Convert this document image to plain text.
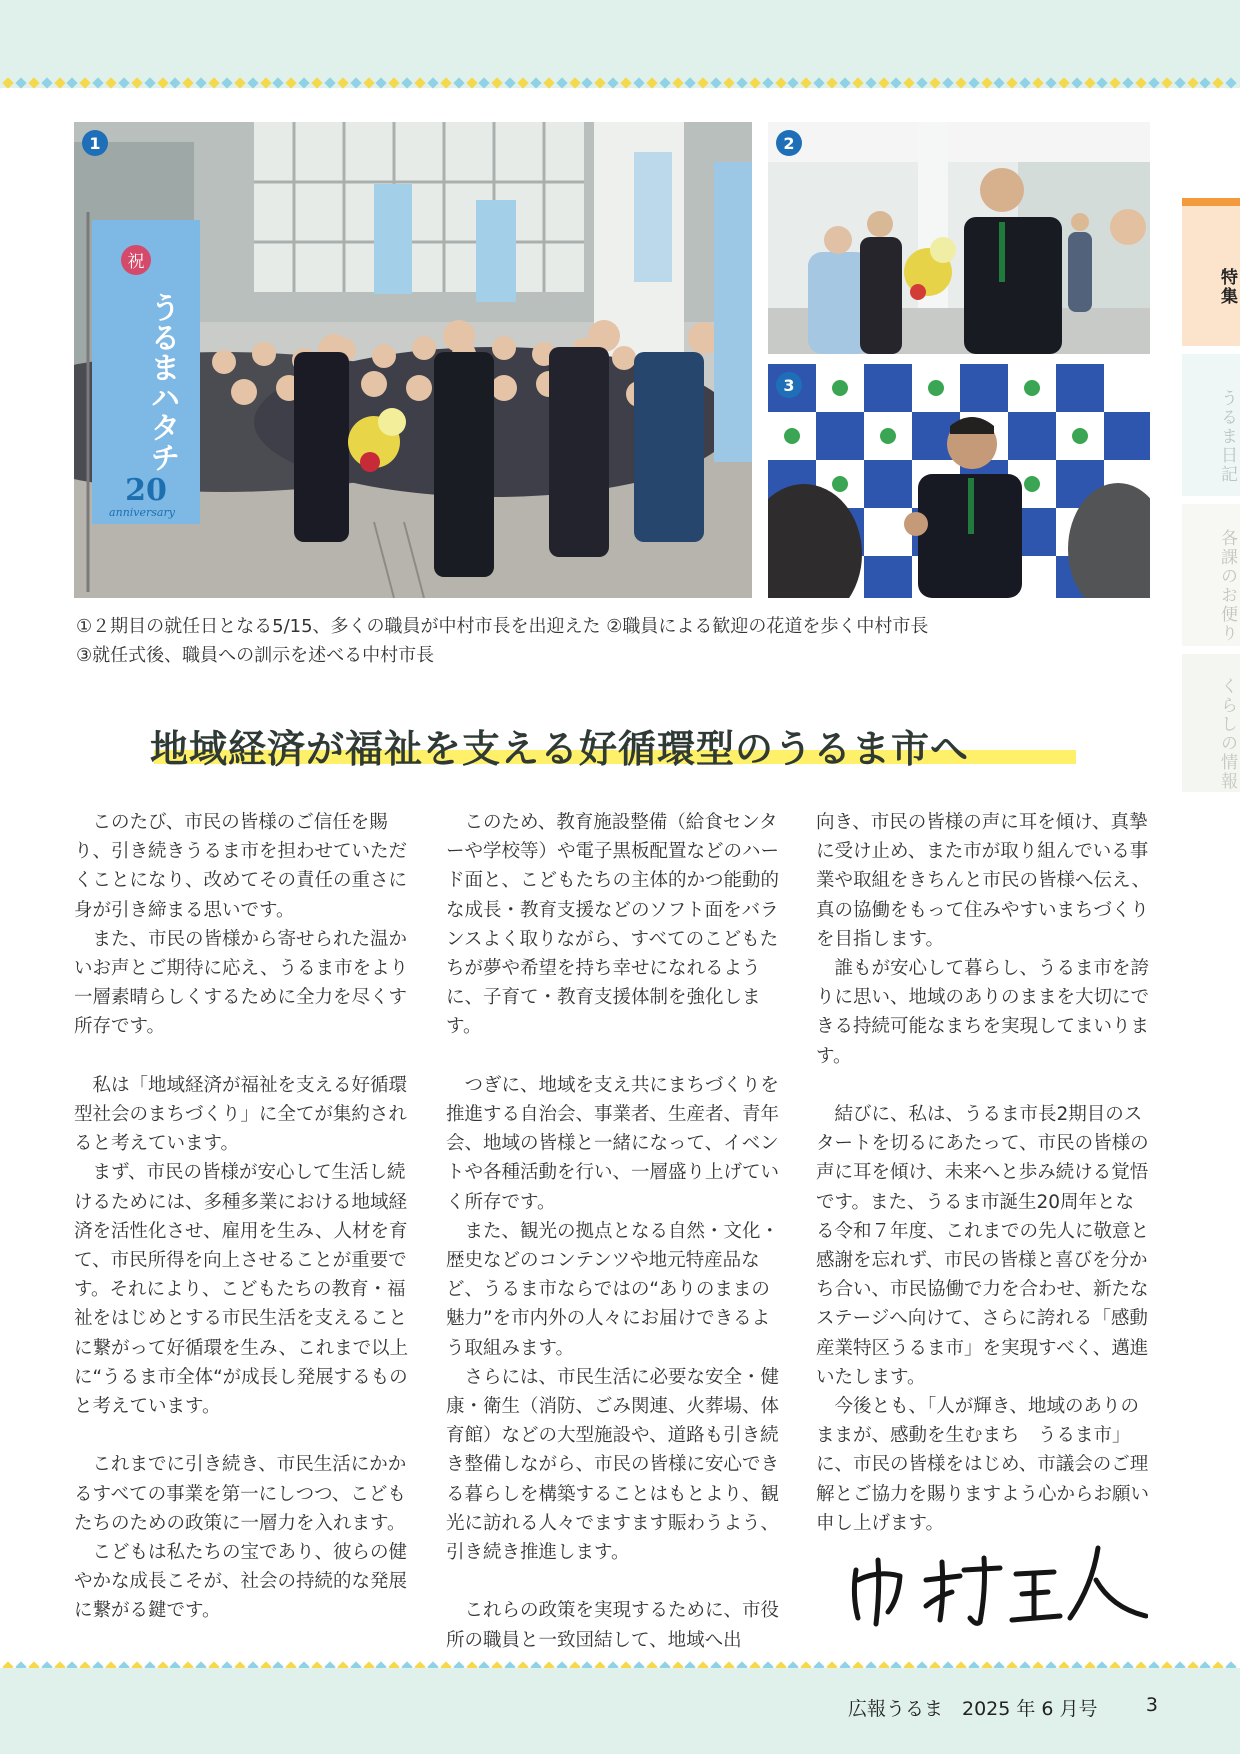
祝
うるまハタチ
20
anniversary
1	2
3
①２期目の就任日となる5/15、多くの職員が中村市長を出迎えた ②職員による歓迎の花道を歩く中村市長
③就任式後、職員への訓示を述べる中村市長
地域経済が福祉を支える好循環型のうるま市へ

このたび、市民の皆様のご信任を賜り、引き続きうるま市を担わせていただくことになり、改めてその責任の重さに身が引き締まる思いです。

また、市民の皆様から寄せられた温かいお声とご期待に応え、うるま市をより一層素晴らしくするために全力を尽くす所存です。

私は「地域経済が福祉を支える好循環型社会のまちづくり」に全てが集約されると考えています。

まず、市民の皆様が安心して生活し続けるためには、多種多業における地域経済を活性化させ、雇用を生み、人材を育て、市民所得を向上させることが重要です。それにより、こどもたちの教育・福祉をはじめとする市民生活を支えることに繋がって好循環を生み、これまで以上に“うるま市全体“が成長し発展するものと考えています。

これまでに引き続き、市民生活にかかるすべての事業を第一にしつつ、こどもたちのための政策に一層力を入れます。

こどもは私たちの宝であり、彼らの健やかな成長こそが、社会の持続的な発展に繋がる鍵です。

このため、教育施設整備（給食センターや学校等）や電子黒板配置などのハード面と、こどもたちの主体的かつ能動的な成長・教育支援などのソフト面をバランスよく取りながら、すべてのこどもたちが夢や希望を持ち幸せになれるように、子育て・教育支援体制を強化します。

つぎに、地域を支え共にまちづくりを推進する自治会、事業者、生産者、青年会、地域の皆様と一緒になって、イベントや各種活動を行い、一層盛り上げていく所存です。

また、観光の拠点となる自然・文化・歴史などのコンテンツや地元特産品など、うるま市ならではの“ありのままの魅力”を市内外の人々にお届けできるよう取組みます。

さらには、市民生活に必要な安全・健康・衛生（消防、ごみ関連、火葬場、体育館）などの大型施設や、道路も引き続き整備しながら、市民の皆様に安心できる暮らしを構築することはもとより、観光に訪れる人々でますます賑わうよう、引き続き推進します。

これらの政策を実現するために、市役所の職員と一致団結して、地域へ出

向き、市民の皆様の声に耳を傾け、真摯に受け止め、また市が取り組んでいる事業や取組をきちんと市民の皆様へ伝え、真の協働をもって住みやすいまちづくりを目指します。

誰もが安心して暮らし、うるま市を誇りに思い、地域のありのままを大切にできる持続可能なまちを実現してまいります。

結びに、私は、うるま市長2期目のスタートを切るにあたって、市民の皆様の声に耳を傾け、未来へと歩み続ける覚悟です。また、うるま市誕生20周年となる令和７年度、これまでの先人に敬意と感謝を忘れず、市民の皆様と喜びを分かち合い、市民協働で力を合わせ、新たなステージへ向けて、さらに誇れる「感動産業特区うるま市」を実現すべく、邁進いたします。

今後とも、「人が輝き、地域のありのままが、感動を生むまち　うるま市」に、市民の皆様をはじめ、市議会のご理解とご協力を賜りますよう心からお願い申し上げます。

広報うるま　2025 年 6 月号	3
特集
うるま日記
各課のお便り
くらしの情報
